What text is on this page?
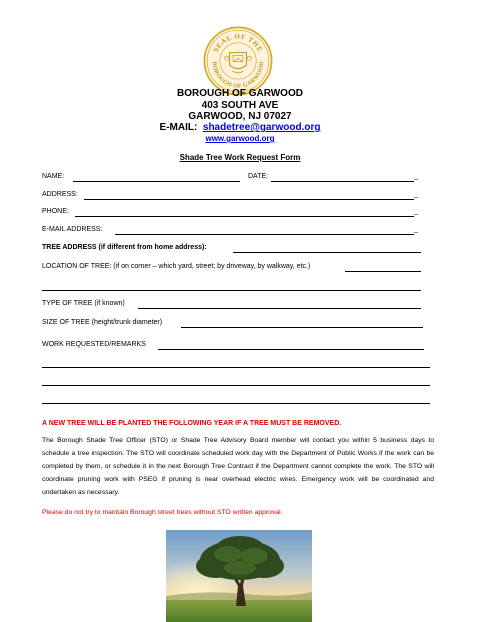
SEAL OF THE
BOROUGH OF GARWOOD
BOROUGH OF GARWOOD
403 SOUTH AVE
GARWOOD, NJ 07027
E-MAIL: shadetree@garwood.org
www.garwood.org
Shade Tree Work Request Form
NAME:	DATE:	_
ADDRESS:	_
PHONE:	_
E-MAIL ADDRESS:	_
TREE ADDRESS (if different from home address):
LOCATION OF TREE: (if on corner – which yard, street; by driveway, by walkway, etc.)
TYPE OF TREE (if known)
SIZE OF TREE (height/trunk diameter)
WORK REQUESTED/REMARKS
A NEW TREE WILL BE PLANTED THE FOLLOWING YEAR IF A TREE MUST BE REMOVED.

The Borough Shade Tree Officer (STO) or Shade Tree Advisory Board member will contact you within 5 business days to schedule a tree inspection. The STO will coordinate scheduled work day with the Department of Public Works if the work can be completed by them, or schedule it in the next Borough Tree Contract if the Department cannot complete the work. The STO will coordinate pruning work with PSEG if pruning is near overhead electric wires. Emergency work will be coordinated and undertaken as necessary.

Please do not try to maintain Borough street trees without STO written approval.
